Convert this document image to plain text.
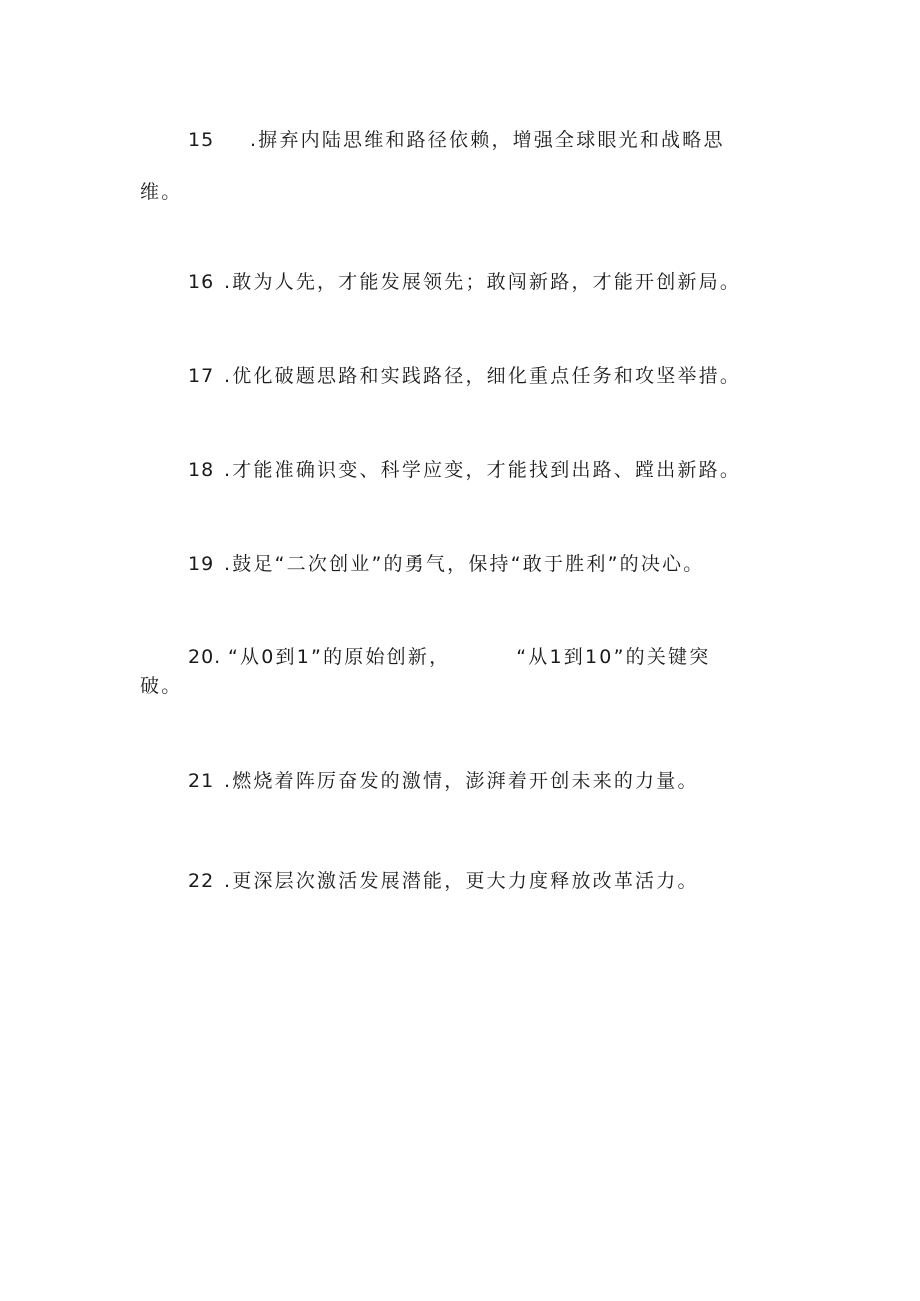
15 .摒弃内陆思维和路径依赖，增强全球眼光和战略思
维。
16 .敢为人先，才能发展领先；敢闯新路，才能开创新局。
17 .优化破题思路和实践路径，细化重点任务和攻坚举措。
18 .才能准确识变、科学应变，才能找到出路、蹚出新路。
19 .鼓足“二次创业”的勇气，保持“敢于胜利”的决心。
20. “从0到1”的原始创新，	“从1到10”的关键突
破。
21 .燃烧着阵厉奋发的激情，澎湃着开创未来的力量。
22 .更深层次激活发展潜能，更大力度释放改革活力。
